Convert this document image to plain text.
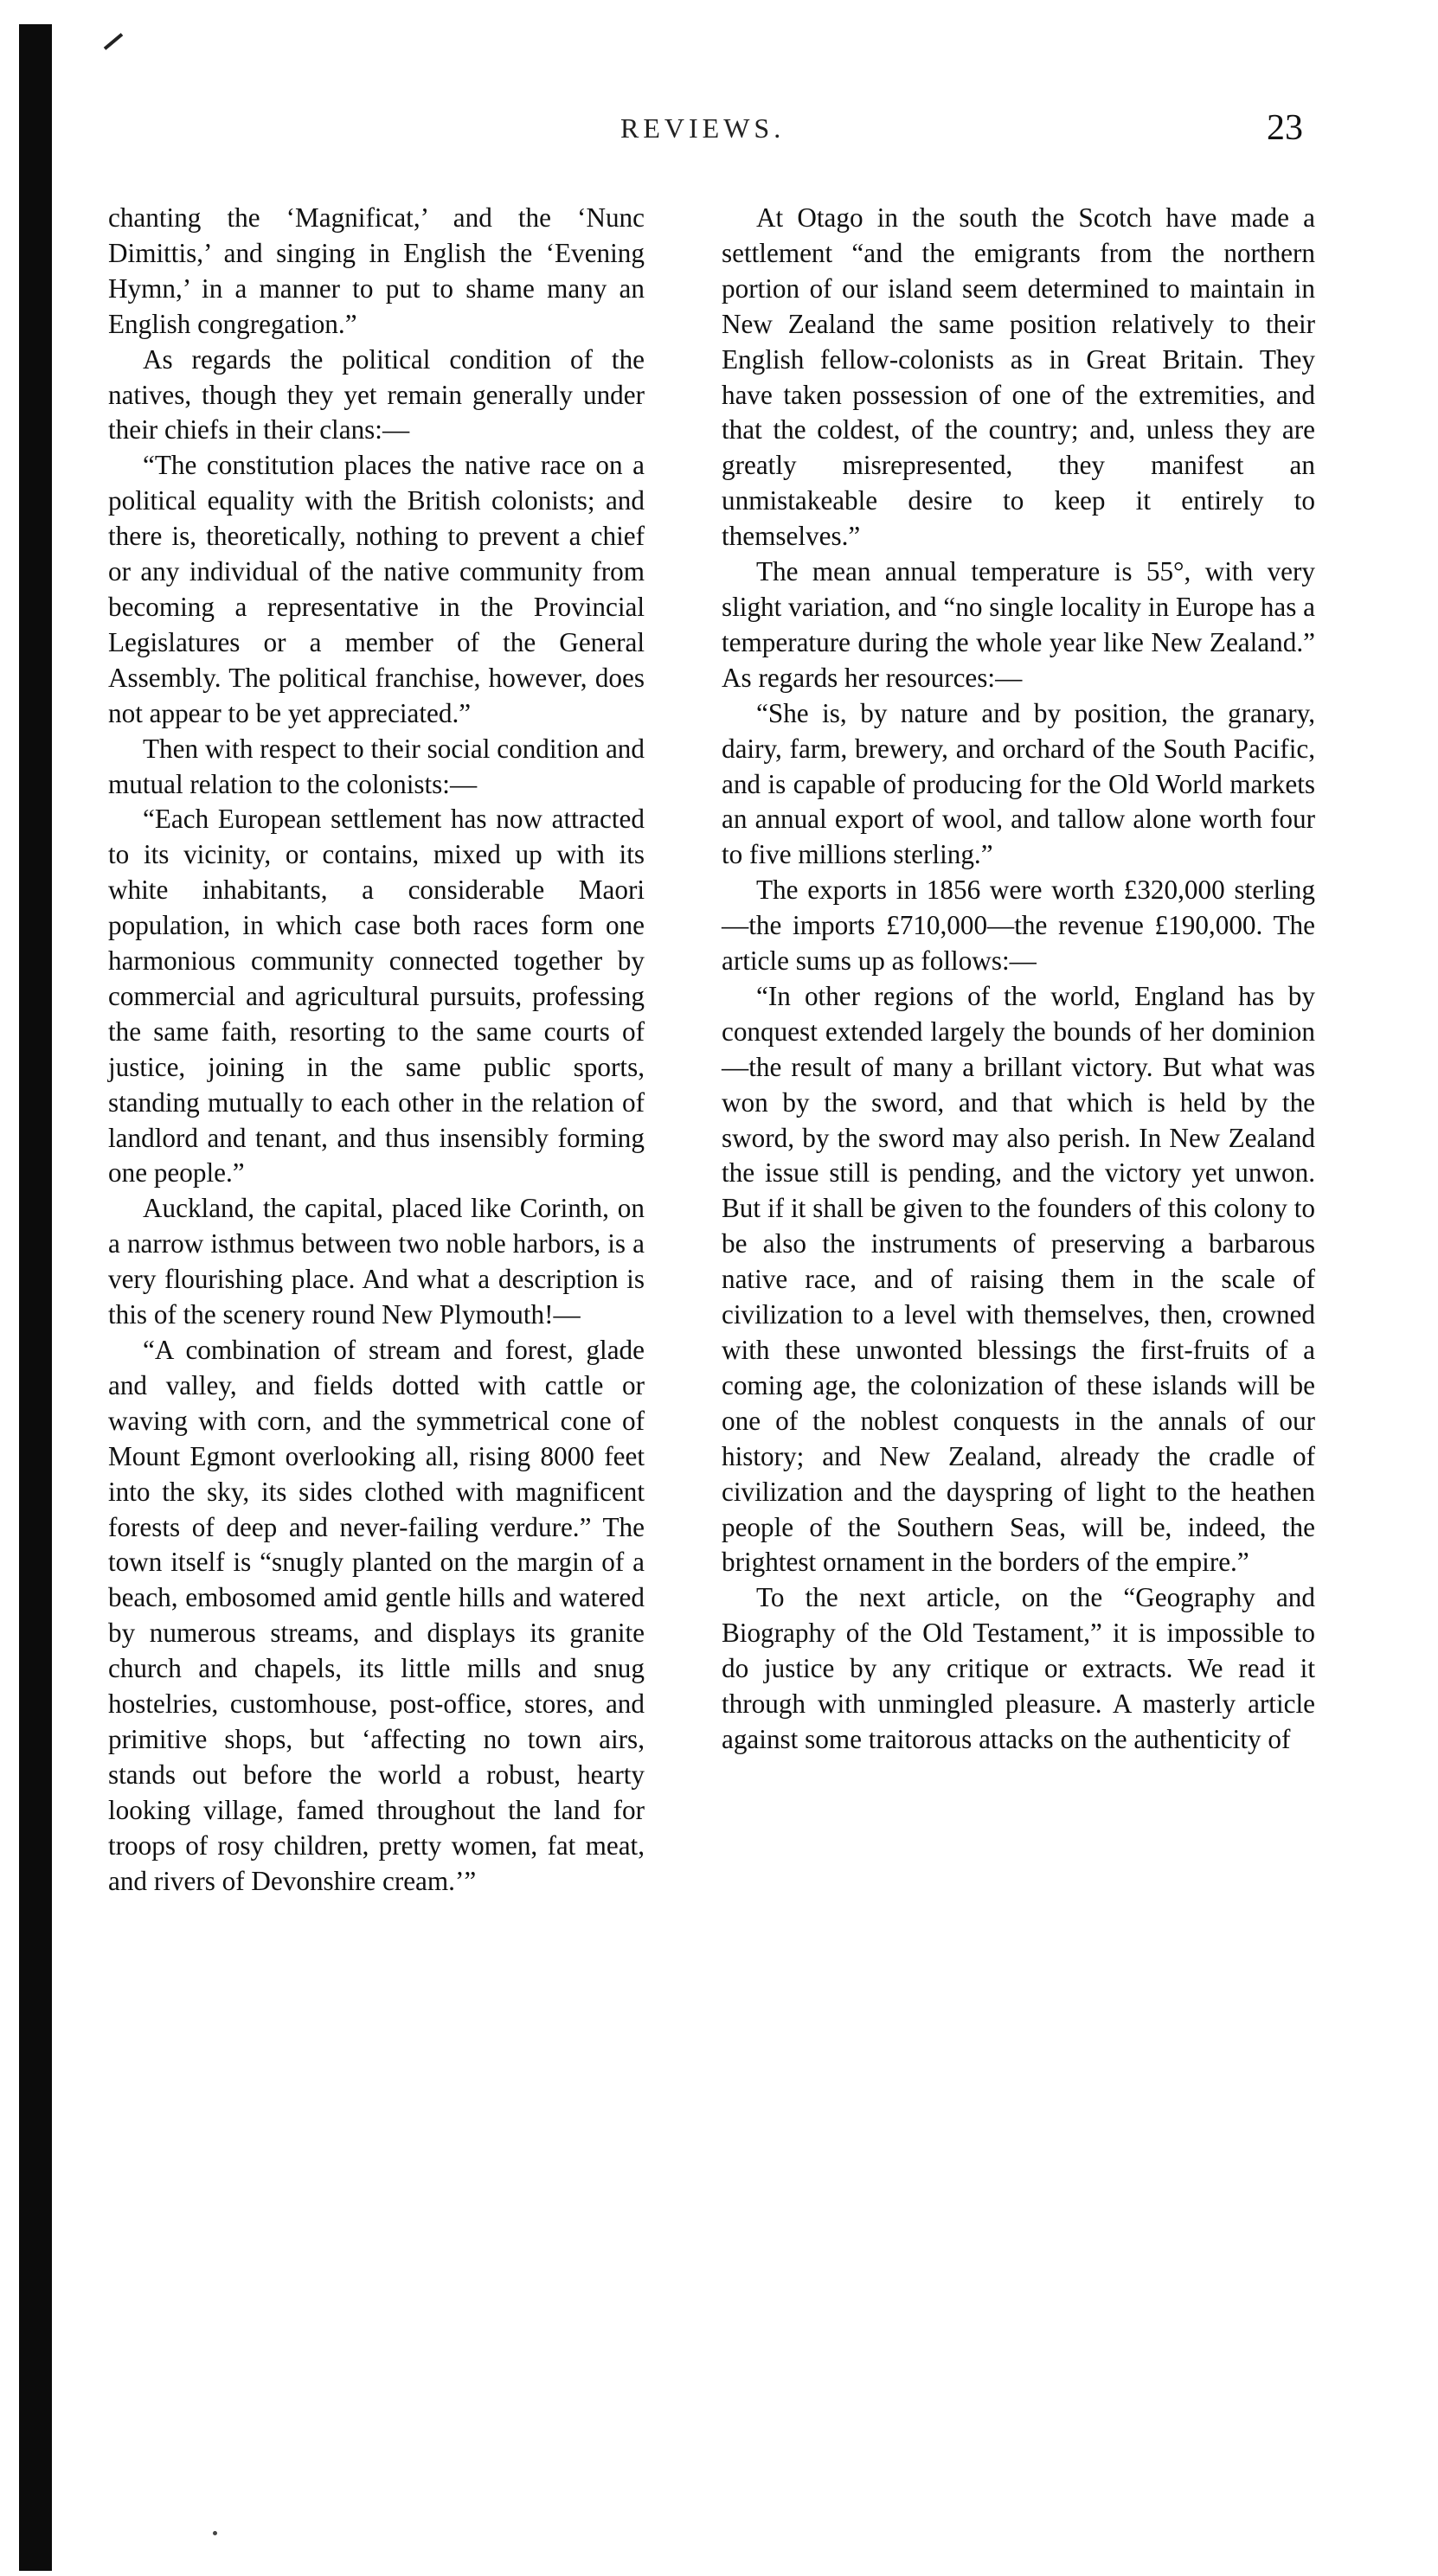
REVIEWS.	23

chanting the ‘Magnificat,’ and the ‘Nunc Dimittis,’ and singing in English the ‘Evening Hymn,’ in a manner to put to shame many an English congregation.”

As regards the political condition of the natives, though they yet remain generally under their chiefs in their clans:—

“The constitution places the native race on a political equality with the British colonists; and there is, theoretically, nothing to prevent a chief or any individual of the native community from becoming a representative in the Provincial Legislatures or a member of the General Assembly. The political franchise, however, does not appear to be yet appreciated.”

Then with respect to their social condition and mutual relation to the colonists:—

“Each European settlement has now attracted to its vicinity, or contains, mixed up with its white inhabitants, a considerable Maori population, in which case both races form one harmonious community connected together by commercial and agricultural pursuits, professing the same faith, resorting to the same courts of justice, joining in the same public sports, standing mutually to each other in the relation of landlord and tenant, and thus insensibly forming one people.”

Auckland, the capital, placed like Corinth, on a narrow isthmus between two noble harbors, is a very flourishing place. And what a description is this of the scenery round New Plymouth!—

“A combination of stream and forest, glade and valley, and fields dotted with cattle or waving with corn, and the symmetrical cone of Mount Egmont overlooking all, rising 8000 feet into the sky, its sides clothed with magnificent forests of deep and never-failing verdure.” The town itself is “snugly planted on the margin of a beach, embosomed amid gentle hills and watered by numerous streams, and displays its granite church and chapels, its little mills and snug hostelries, customhouse, post-office, stores, and primitive shops, but ‘affecting no town airs, stands out before the world a robust, hearty looking village, famed throughout the land for troops of rosy children, pretty women, fat meat, and rivers of Devonshire cream.’”

At Otago in the south the Scotch have made a settlement “and the emigrants from the northern portion of our island seem determined to maintain in New Zealand the same position relatively to their English fellow-colonists as in Great Britain. They have taken possession of one of the extremities, and that the coldest, of the country; and, unless they are greatly misrepresented, they manifest an unmistakeable desire to keep it entirely to themselves.”

The mean annual temperature is 55°, with very slight variation, and “no single locality in Europe has a temperature during the whole year like New Zealand.” As regards her resources:—

“She is, by nature and by position, the granary, dairy, farm, brewery, and orchard of the South Pacific, and is capable of producing for the Old World markets an annual export of wool, and tallow alone worth four to five millions sterling.”

The exports in 1856 were worth £320,000 sterling—the imports £710,000—the revenue £190,000. The article sums up as follows:—

“In other regions of the world, England has by conquest extended largely the bounds of her dominion—the result of many a brillant victory. But what was won by the sword, and that which is held by the sword, by the sword may also perish. In New Zealand the issue still is pending, and the victory yet unwon. But if it shall be given to the founders of this colony to be also the instruments of preserving a barbarous native race, and of raising them in the scale of civilization to a level with themselves, then, crowned with these unwonted blessings the first-fruits of a coming age, the colonization of these islands will be one of the noblest conquests in the annals of our history; and New Zealand, already the cradle of civilization and the dayspring of light to the heathen people of the Southern Seas, will be, indeed, the brightest ornament in the borders of the empire.”

To the next article, on the “Geography and Biography of the Old Testament,” it is impossible to do justice by any critique or extracts. We read it through with unmingled pleasure. A masterly article against some traitorous attacks on the authenticity of
